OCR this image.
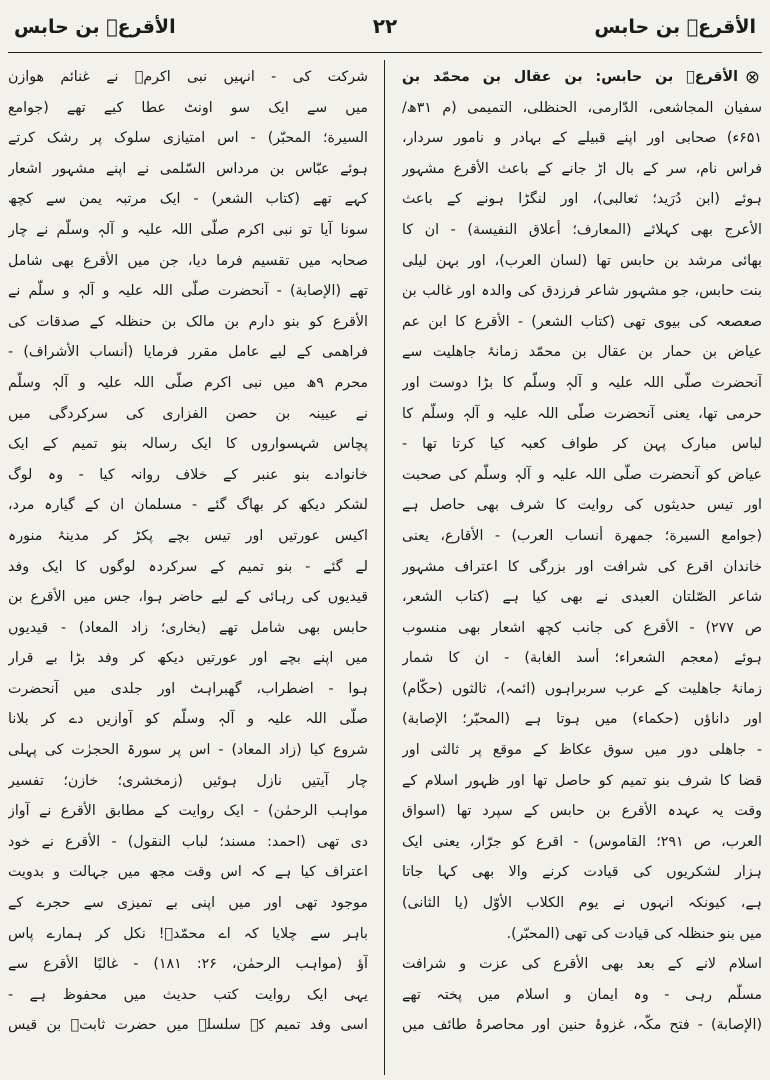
الأقرعؓ بن حابس
۲۲
الأقرعؓ بن حابس
الأقرعؓ بن حابس: بن عقال بن محمّد بن
سفیان المجاشعی، الدّارمی، الحنظلی، التمیمی (م ۳۱ھ/
۶۵۱ء) صحابی اور اپنے قبیلے کے بہادر و نامور سردار،
فراس نام، سر کے بال اڑ جانے کے باعث الأقرع مشہور
ہوئے (ابن دُرَید؛ ثعالبی)، اور لنگڑا ہونے کے باعث
الأعرج بھی کہلائے (المعارف؛ أعلاق النفیسة) - ان کا
بھائی مرشد بن حابس تھا (لسان العرب)، اور بہن لیلی
بنت حابس، جو مشہور شاعر فرزدق کی والدہ اور غالب بن
صعصعہ کی بیوی تھی (کتاب الشعر) - الأقرع کا ابن عم
عیاض بن حمار بن عقال بن محمّد زمانۂ جاهلیت سے
آنحضرت صلّی اللہ علیہ و آلہٖ وسلّم کا بڑا دوست اور
حرمی تھا، یعنی آنحضرت صلّی اللہ علیہ و آلہٖ وسلّم کا
لباس مبارک پہن کر طواف کعبہ کیا کرتا تھا -
عیاض کو آنحضرت صلّی اللہ علیہ و آلہٖ وسلّم کی صحبت
اور تیس حدیثوں کی روایت کا شرف بھی حاصل ہے
(جوامع السیرة؛ جمهرة أنساب العرب) - الأقارع، یعنی
خاندان اقرع کی شرافت اور بزرگی کا اعتراف مشہور
شاعر الصّلتان العبدی نے بھی کیا ہے (کتاب الشعر،
ص ۲۷۷) - الأقرع کی جانب کچھ اشعار بھی منسوب
ہوئے (معجم الشعراء؛ أسد الغابة) - ان کا شمار
زمانۂ جاهلیت کے عرب سربراہوں (ائمہ)، ثالثوں (حکّام)
اور داناؤں (حکماء) میں ہوتا ہے (المحبّر؛ الإصابة)
- جاهلی دور میں سوق عکاظ کے موقع پر ثالثی اور
قضا کا شرف بنو تمیم کو حاصل تھا اور ظہور اسلام کے
وقت یہ عہدہ الأقرع بن حابس کے سپرد تھا (اسواق
العرب، ص ۲۹۱؛ القاموس) - اقرع کو جرّار، یعنی ایک
ہزار لشکریوں کی قیادت کرنے والا بھی کہا جاتا
ہے، کیونکہ انہوں نے یوم الکلاب الأوّل (یا الثانی)
میں بنو حنظلہ کی قیادت کی تھی (المحبّر).
اسلام لانے کے بعد بھی الأقرع کی عزت و شرافت
مسلّم رہی - وہ ایمان و اسلام میں پختہ تھے
(الإصابة) - فتح مکّہ، غزوۂ حنین اور محاصرۂ طائف میں
⊗
شرکت کی - انہیں نبی اکرمؐ نے غنائم ھوازن
میں سے ایک سو اونٹ عطا کیے تھے (جوامع
السیرة؛ المحبّر) - اس امتیازی سلوک پر رشک کرتے
ہوئے عبّاس بن مرداس السّلمی نے اپنے مشہور اشعار
کہے تھے (کتاب الشعر) - ایک مرتبہ یمن سے کچھ
سونا آیا تو نبی اکرم صلّی اللہ علیہ و آلہٖ وسلّم نے چار
صحابہ میں تقسیم فرما دیا، جن میں الأقرع بھی شامل
تھے (الإصابة) - آنحضرت صلّی اللہ علیہ و آلہٖ و سلّم نے
الأقرع کو بنو دارم بن مالک بن حنظلہ کے صدقات کی
فراهمی کے لیے عامل مقرر فرمایا (أنساب الأشراف) -
محرم ۹ھ میں نبی اکرم صلّی اللہ علیہ و آلہٖ وسلّم
نے عیینہ بن حصن الفزاری کی سرکردگی میں
پچاس شہسواروں کا ایک رسالہ بنو تمیم کے ایک
خانوادے بنو عنبر کے خلاف روانہ کیا - وہ لوگ
لشکر دیکھ کر بھاگ گئے - مسلمان ان کے گیارہ مرد،
اکیس عورتیں اور تیس بچے پکڑ کر مدینۂ منورہ
لے گئے - بنو تمیم کے سرکردہ لوگوں کا ایک وفد
قیدیوں کی رہائی کے لیے حاضر ہوا، جس میں الأقرع بن
حابس بھی شامل تھے (بخاری؛ زاد المعاد) - قیدیوں
میں اپنے بچے اور عورتیں دیکھ کر وفد بڑا بے قرار
ہوا - اضطراب، گھبراہٹ اور جلدی میں آنحضرت
صلّی اللہ علیہ و آلہٖ وسلّم کو آوازیں دے کر بلانا
شروع کیا (زاد المعاد) - اس پر سورۃ الحجرٰت کی پہلی
چار آیتیں نازل ہوئیں (زمخشری؛ خازن؛ تفسیر
مواہب الرحمٰن) - ایک روایت کے مطابق الأقرع نے آواز
دی تھی (احمد: مسند؛ لباب النقول) - الأقرع نے خود
اعتراف کیا ہے کہ اس وقت مجھ میں جہالت و بدویت
موجود تھی اور میں اپنی بے تمیزی سے حجرے کے
باہر سے چلایا کہ اے محمّدؐ! نکل کر ہمارے پاس
آؤ (مواہب الرحمٰن، ۲۶: ۱۸۱) - غالبًا الأقرع سے
یہی ایک روایت کتب حدیث میں محفوظ ہے -
اسی وفد تمیم کے سلسلے میں حضرت ثابتؓ بن قیس
